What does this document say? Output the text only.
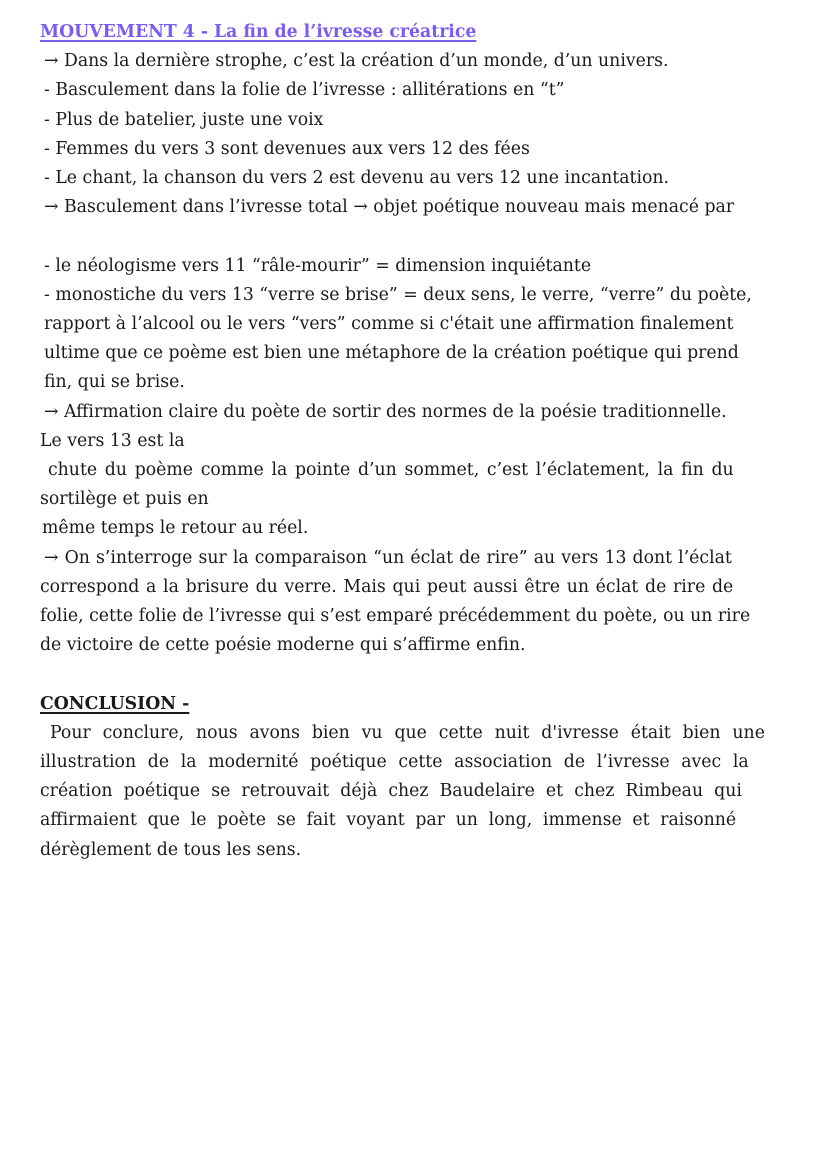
MOUVEMENT 4 - La fin de l’ivresse créatrice
→ Dans la dernière strophe, c’est la création d’un monde, d’un univers.
- Basculement dans la folie de l’ivresse : allitérations en “t”
- Plus de batelier, juste une voix
- Femmes du vers 3 sont devenues aux vers 12 des fées
- Le chant, la chanson du vers 2 est devenu au vers 12 une incantation.
→ Basculement dans l’ivresse total → objet poétique nouveau mais menacé par
- le néologisme vers 11 “râle-mourir” = dimension inquiétante
- monostiche du vers 13 “verre se brise” = deux sens, le verre, “verre” du poète,
rapport à l’alcool ou le vers “vers” comme si c'était une affirmation finalement
ultime que ce poème est bien une métaphore de la création poétique qui prend
fin, qui se brise.
→ Affirmation claire du poète de sortir des normes de la poésie traditionnelle.
Le vers 13 est la
chute du poème comme la pointe d’un sommet, c’est l’éclatement, la fin du
sortilège et puis en
même temps le retour au réel.
→ On s’interroge sur la comparaison “un éclat de rire” au vers 13 dont l’éclat
correspond a la brisure du verre. Mais qui peut aussi être un éclat de rire de
folie, cette folie de l’ivresse qui s’est emparé précédemment du poète, ou un rire
de victoire de cette poésie moderne qui s’affirme enfin.
CONCLUSION -
Pour conclure, nous avons bien vu que cette nuit d'ivresse était bien une
illustration de la modernité poétique cette association de l’ivresse avec la
création poétique se retrouvait déjà chez Baudelaire et chez Rimbeau qui
affirmaient que le poète se fait voyant par un long, immense et raisonné
dérèglement de tous les sens.
